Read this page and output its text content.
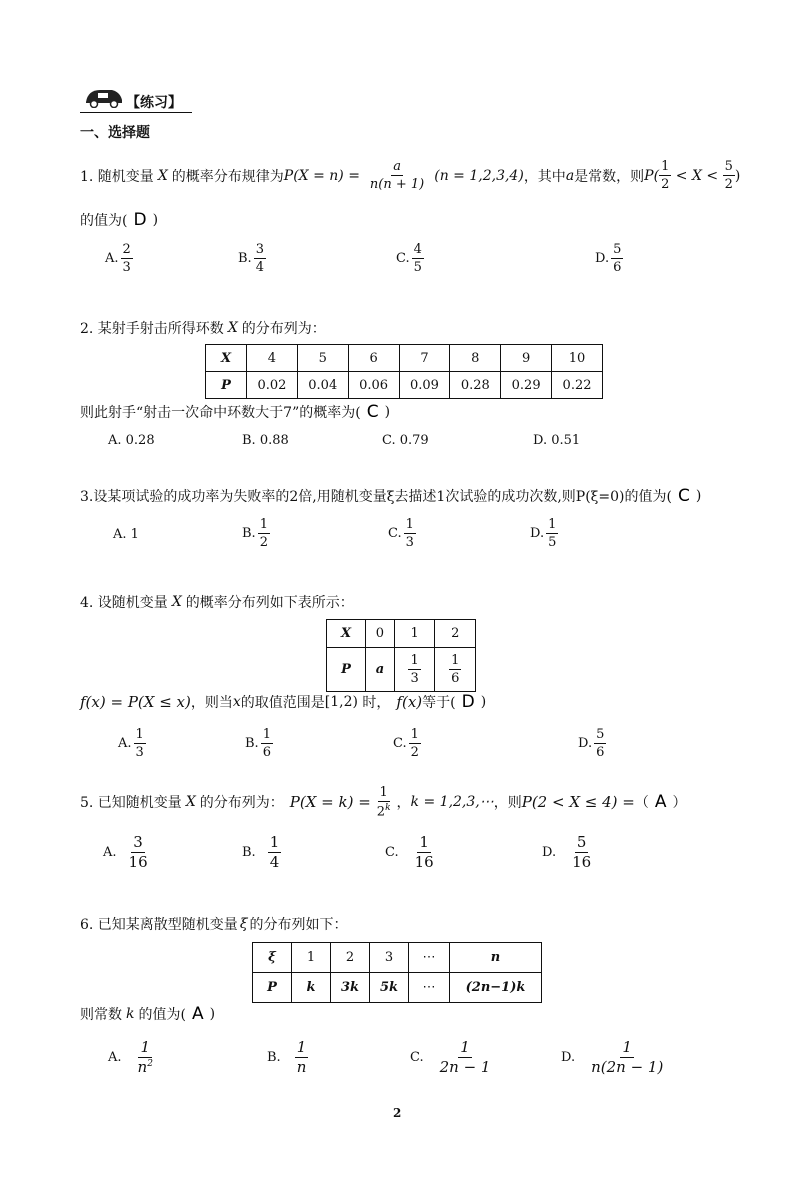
【练习】
一、选择题
1. 随机变量 X 的概率分布规律为 $P(X = n) = \frac{a}{n(n + 1)} (n = 1,2,3,4)$ ，其中 a 是常数，则 $P( \frac{1}{2} < X < \frac{5}{2}$ )
的值为( D )
A. $\frac{2}{3}$	B. $\frac{3}{4}$	C. $\frac{4}{5}$	D. $\frac{5}{6}$
2. 某射手射击所得环数 X 的分布列为：
X	4	5	6	7	8	9	10
P	0.02	0.04	0.06	0.09	0.28	0.29	0.22
则此射手“射击一次命中环数大于7”的概率为( C )
A. 0.28	B. 0.88	C. 0.79	D. 0.51
3.设某项试验的成功率为失败率的2倍,用随机变量ξ去描述1次试验的成功次数,则P(ξ=0)的值为( C )
A. 1	B. $\frac{1}{2}$	C. $\frac{1}{3}$	D. $\frac{1}{5}$
4. 设随机变量 X 的概率分布列如下表所示：
X	0	1	2
P	a	$\frac{1}{3}$	$\frac{1}{6}$
f(x) = P(X ≤ x) ，则当 x 的取值范围是 [1,2) 时， f(x) 等于( D )
A. $\frac{1}{3}$	B. $\frac{1}{6}$	C. $\frac{1}{2}$	D. $\frac{5}{6}$
5. 已知随机变量 X 的分布列为： $P(X = k) = \frac{1}{2^k}$ ， k = 1,2,3,⋯ ，则 P(2 < X ≤ 4) = （ A ）
A. $\frac{3}{16}$	B. $\frac{1}{4}$	C. $\frac{1}{16}$	D. $\frac{5}{16}$
6. 已知某离散型随机变量 ξ 的分布列如下：
ξ	1	2	3	⋯	n
P	k	3k	5k	⋯	(2n−1)k
则常数 k 的值为( A )
A. $\frac{1}{n^2}$	B. $\frac{1}{n}$	C. $\frac{1}{2n - 1}$	D. $\frac{1}{n(2n - 1)}$
2
